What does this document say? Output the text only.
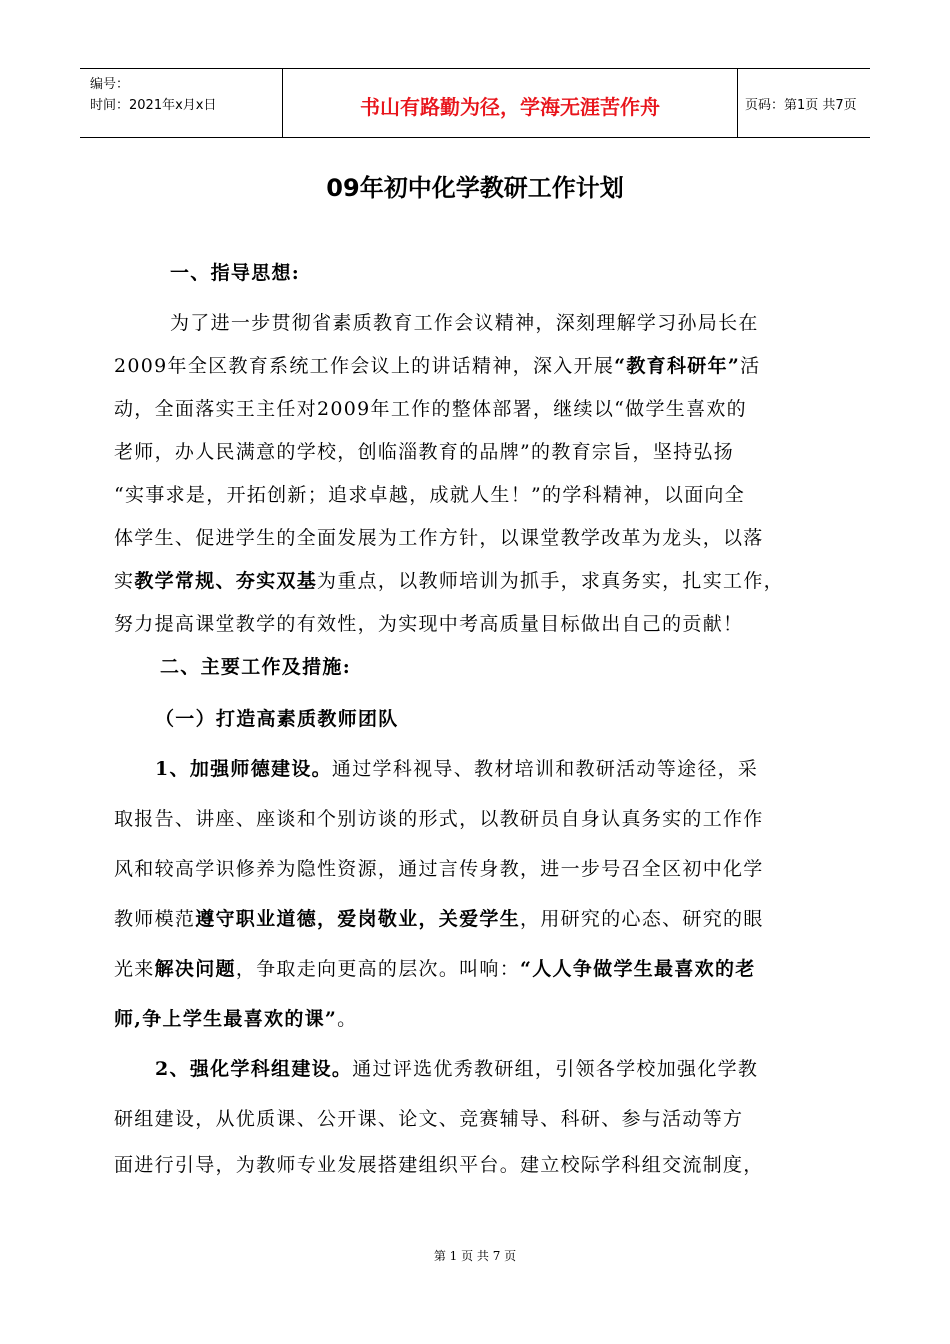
编号：
时间：2021年x月x日	书山有路勤为径，学海无涯苦作舟	页码：第1页 共7页
09年初中化学教研工作计划
一、指导思想:
为了进一步贯彻省素质教育工作会议精神，深刻理解学习孙局长在
2009年全区教育系统工作会议上的讲话精神，深入开展“教育科研年”活
动，全面落实王主任对2009年工作的整体部署，继续以“做学生喜欢的
老师，办人民满意的学校，创临淄教育的品牌”的教育宗旨，坚持弘扬
“实事求是，开拓创新；追求卓越，成就人生！”的学科精神，以面向全
体学生、促进学生的全面发展为工作方针，以课堂教学改革为龙头，以落
实教学常规、夯实双基为重点，以教师培训为抓手，求真务实，扎实工作，
努力提高课堂教学的有效性，为实现中考高质量目标做出自己的贡献！
二、主要工作及措施:
（一）打造高素质教师团队
1、加强师德建设。通过学科视导、教材培训和教研活动等途径，采
取报告、讲座、座谈和个别访谈的形式，以教研员自身认真务实的工作作
风和较高学识修养为隐性资源，通过言传身教，进一步号召全区初中化学
教师模范遵守职业道德，爱岗敬业，关爱学生，用研究的心态、研究的眼
光来解决问题，争取走向更高的层次。叫响：“人人争做学生最喜欢的老
师,争上学生最喜欢的课”。
2、强化学科组建设。通过评选优秀教研组，引领各学校加强化学教
研组建设，从优质课、公开课、论文、竞赛辅导、科研、参与活动等方
面进行引导，为教师专业发展搭建组织平台。建立校际学科组交流制度，
第 1 页 共 7 页
